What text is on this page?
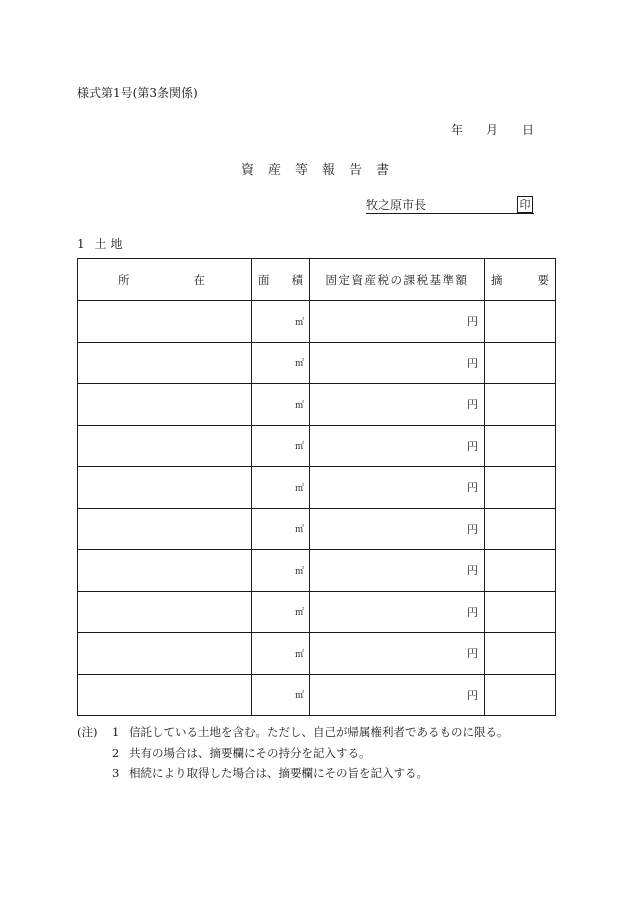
様式第1号(第3条関係)
年 月 日
資産等報告書
牧之原市長	印
1 土 地
所 在	面 積	固定資産税の課税基準額	摘 要

	㎡	円	
	㎡	円	
	㎡	円	
	㎡	円	
	㎡	円	
	㎡	円	
	㎡	円	
	㎡	円	
	㎡	円	
	㎡	円	
(注)	1 信託している土地を含む。ただし、自己が帰属権利者であるものに限る。
2 共有の場合は、摘要欄にその持分を記入する。
3 相続により取得した場合は、摘要欄にその旨を記入する。
